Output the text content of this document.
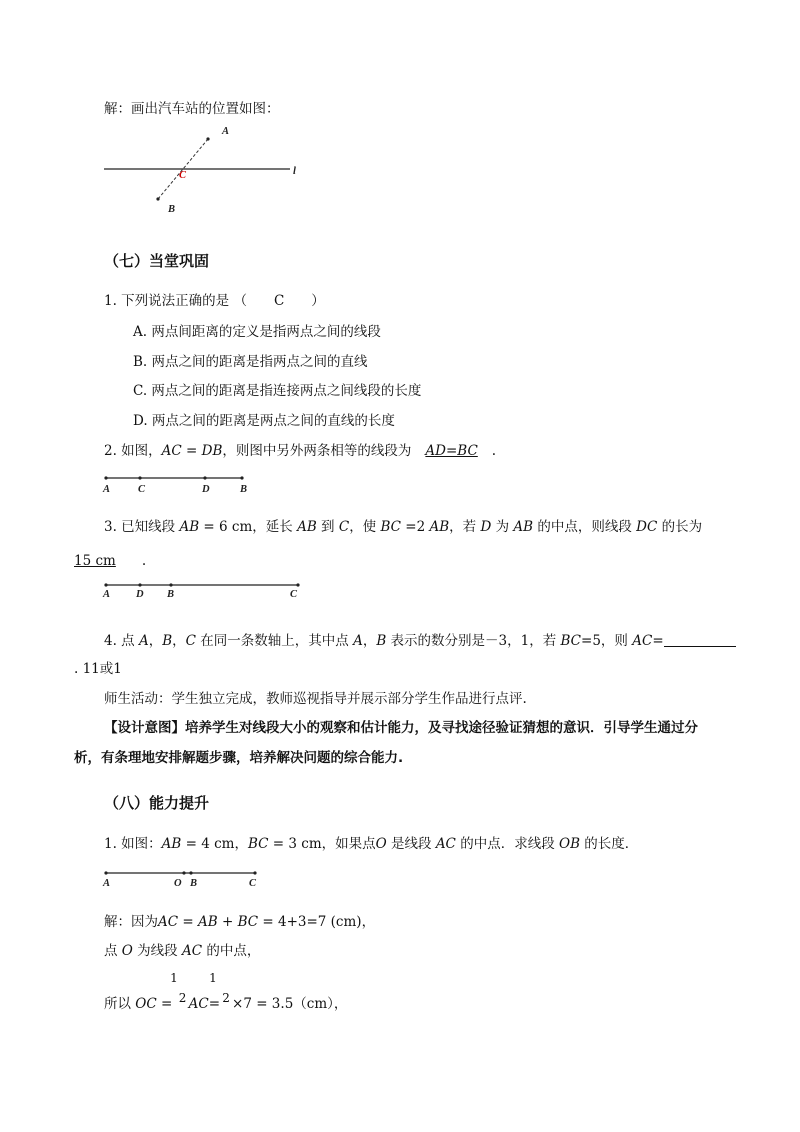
解：画出汽车站的位置如图：
A
C
B
l
A	C	D	B
A D B	C
A	O B	C
（七）当堂巩固
1. 下列说法正确的是 （　　C　　）
A. 两点间距离的定义是指两点之间的线段
B. 两点之间的距离是指两点之间的直线
C. 两点之间的距离是指连接两点之间线段的长度
D. 两点之间的距离是两点之间的直线的长度
2. 如图，AC = DB，则图中另外两条相等的线段为 AD=BC .
3. 已知线段 AB = 6 cm，延长 AB 到 C，使 BC =2 AB，若 D 为 AB 的中点，则线段 DC 的长为
15 cm .
4. 点 A，B，C 在同一条数轴上，其中点 A，B 表示的数分别是－3，1，若 BC=5，则 AC=
. 11或1
师生活动：学生独立完成，教师巡视指导并展示部分学生作品进行点评.
【设计意图】培养学生对线段大小的观察和估计能力，及寻找途径验证猜想的意识．引导学生通过分
析，有条理地安排解题步骤，培养解决问题的综合能力.
（八）能力提升
1. 如图：AB = 4 cm，BC = 3 cm，如果点O 是线段 AC 的中点．求线段 OB 的长度．
解：因为AC = AB + BC = 4+3=7 (cm)，
点 O 为线段 AC 的中点，
1	1
所以 OC = 2 AC= 2 ×7 = 3.5（cm），
